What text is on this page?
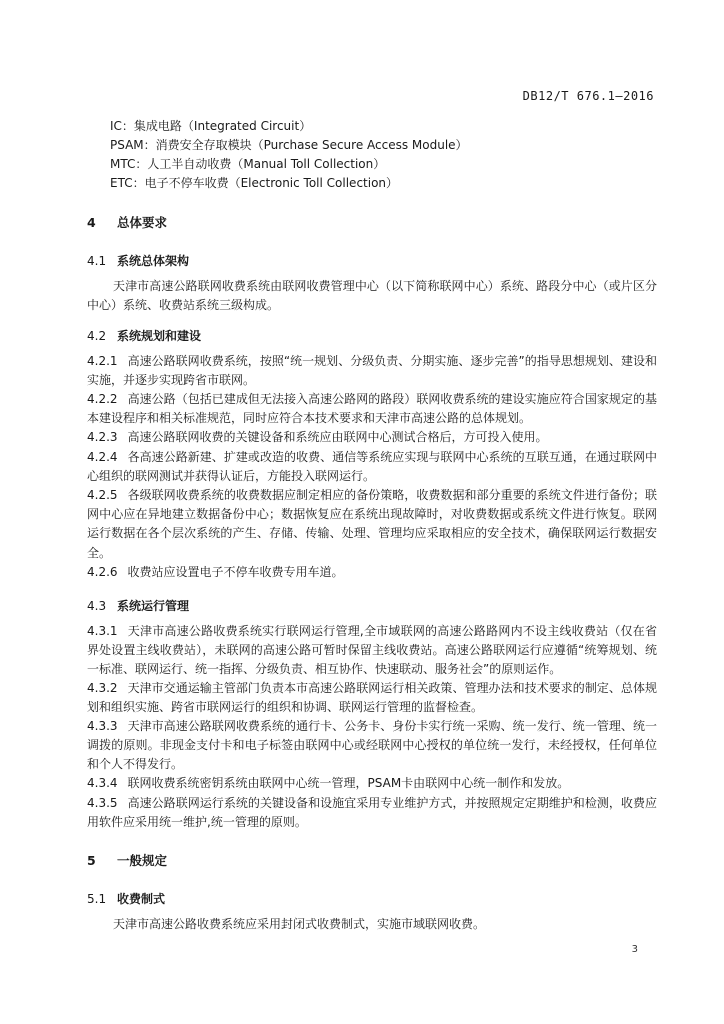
DB12/T 676.1—2016
IC：集成电路（Integrated Circuit）
PSAM：消费安全存取模块（Purchase Secure Access Module）
MTC：人工半自动收费（Manual Toll Collection）
ETC：电子不停车收费（Electronic Toll Collection）
4 总体要求
4.1 系统总体架构
天津市高速公路联网收费系统由联网收费管理中心（以下简称联网中心）系统、路段分中心（或片区分中心）系统、收费站系统三级构成。
4.2 系统规划和建设
4.2.1 高速公路联网收费系统，按照“统一规划、分级负责、分期实施、逐步完善”的指导思想规划、建设和实施，并逐步实现跨省市联网。
4.2.2 高速公路（包括已建成但无法接入高速公路网的路段）联网收费系统的建设实施应符合国家规定的基本建设程序和相关标准规范，同时应符合本技术要求和天津市高速公路的总体规划。
4.2.3 高速公路联网收费的关键设备和系统应由联网中心测试合格后，方可投入使用。
4.2.4 各高速公路新建、扩建或改造的收费、通信等系统应实现与联网中心系统的互联互通，在通过联网中心组织的联网测试并获得认证后，方能投入联网运行。
4.2.5 各级联网收费系统的收费数据应制定相应的备份策略，收费数据和部分重要的系统文件进行备份；联网中心应在异地建立数据备份中心；数据恢复应在系统出现故障时，对收费数据或系统文件进行恢复。联网运行数据在各个层次系统的产生、存储、传输、处理、管理均应采取相应的安全技术，确保联网运行数据安全。
4.2.6 收费站应设置电子不停车收费专用车道。
4.3 系统运行管理
4.3.1 天津市高速公路收费系统实行联网运行管理,全市域联网的高速公路路网内不设主线收费站（仅在省界处设置主线收费站），未联网的高速公路可暂时保留主线收费站。高速公路联网运行应遵循“统筹规划、统一标准、联网运行、统一指挥、分级负责、相互协作、快速联动、服务社会”的原则运作。
4.3.2 天津市交通运输主管部门负责本市高速公路联网运行相关政策、管理办法和技术要求的制定、总体规划和组织实施、跨省市联网运行的组织和协调、联网运行管理的监督检查。
4.3.3 天津市高速公路联网收费系统的通行卡、公务卡、身份卡实行统一采购、统一发行、统一管理、统一调拨的原则。非现金支付卡和电子标签由联网中心或经联网中心授权的单位统一发行，未经授权，任何单位和个人不得发行。
4.3.4 联网收费系统密钥系统由联网中心统一管理，PSAM卡由联网中心统一制作和发放。
4.3.5 高速公路联网运行系统的关键设备和设施宜采用专业维护方式，并按照规定定期维护和检测，收费应用软件应采用统一维护,统一管理的原则。
5 一般规定
5.1 收费制式
天津市高速公路收费系统应采用封闭式收费制式，实施市域联网收费。
3
